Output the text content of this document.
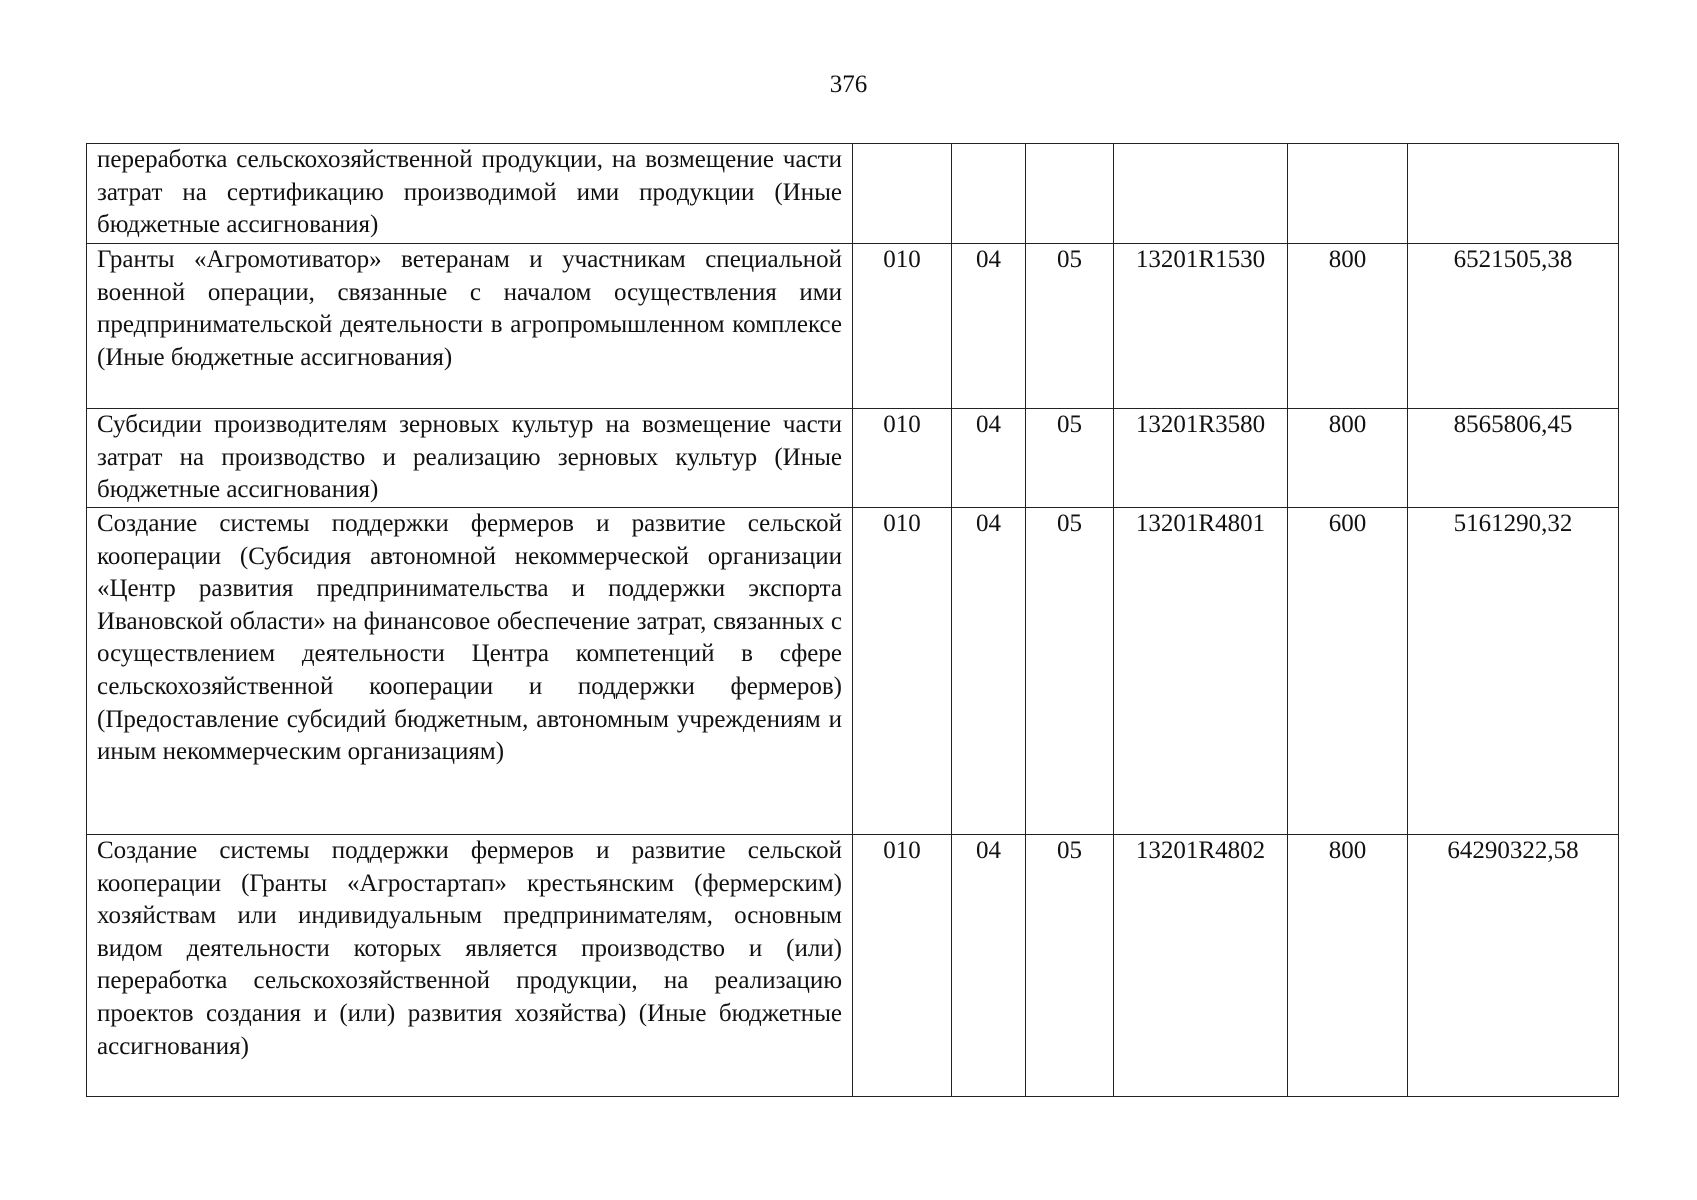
376
переработка сельскохозяйственной продукции, на возмещение части затрат на сертификацию производимой ими продукции (Иные бюджетные ассигнования)						
Гранты «Агромотиватор» ветеранам и участникам специальной военной операции, связанные с началом осуществления ими предпринимательской деятельности в агропромышленном комплексе (Иные бюджетные ассигнования)	010	04	05	13201R1530	800	6521505,38
Субсидии производителям зерновых культур на возмещение части затрат на производство и реализацию зерновых культур (Иные бюджетные ассигнования)	010	04	05	13201R3580	800	8565806,45
Создание системы поддержки фермеров и развитие сельской кооперации (Субсидия автономной некоммерческой организации «Центр развития предпринимательства и поддержки экспорта Ивановской области» на финансовое обеспечение затрат, связанных с осуществлением деятельности Центра компетенций в сфере сельскохозяйственной кооперации и поддержки фермеров) (Предоставление субсидий бюджетным, автономным учреждениям и иным некоммерческим организациям)	010	04	05	13201R4801	600	5161290,32
Создание системы поддержки фермеров и развитие сельской кооперации (Гранты «Агростартап» крестьянским (фермерским) хозяйствам или индивидуальным предпринимателям, основным видом деятельности которых является производство и (или) переработка сельскохозяйственной продукции, на реализацию проектов создания и (или) развития хозяйства) (Иные бюджетные ассигнования)	010	04	05	13201R4802	800	64290322,58
